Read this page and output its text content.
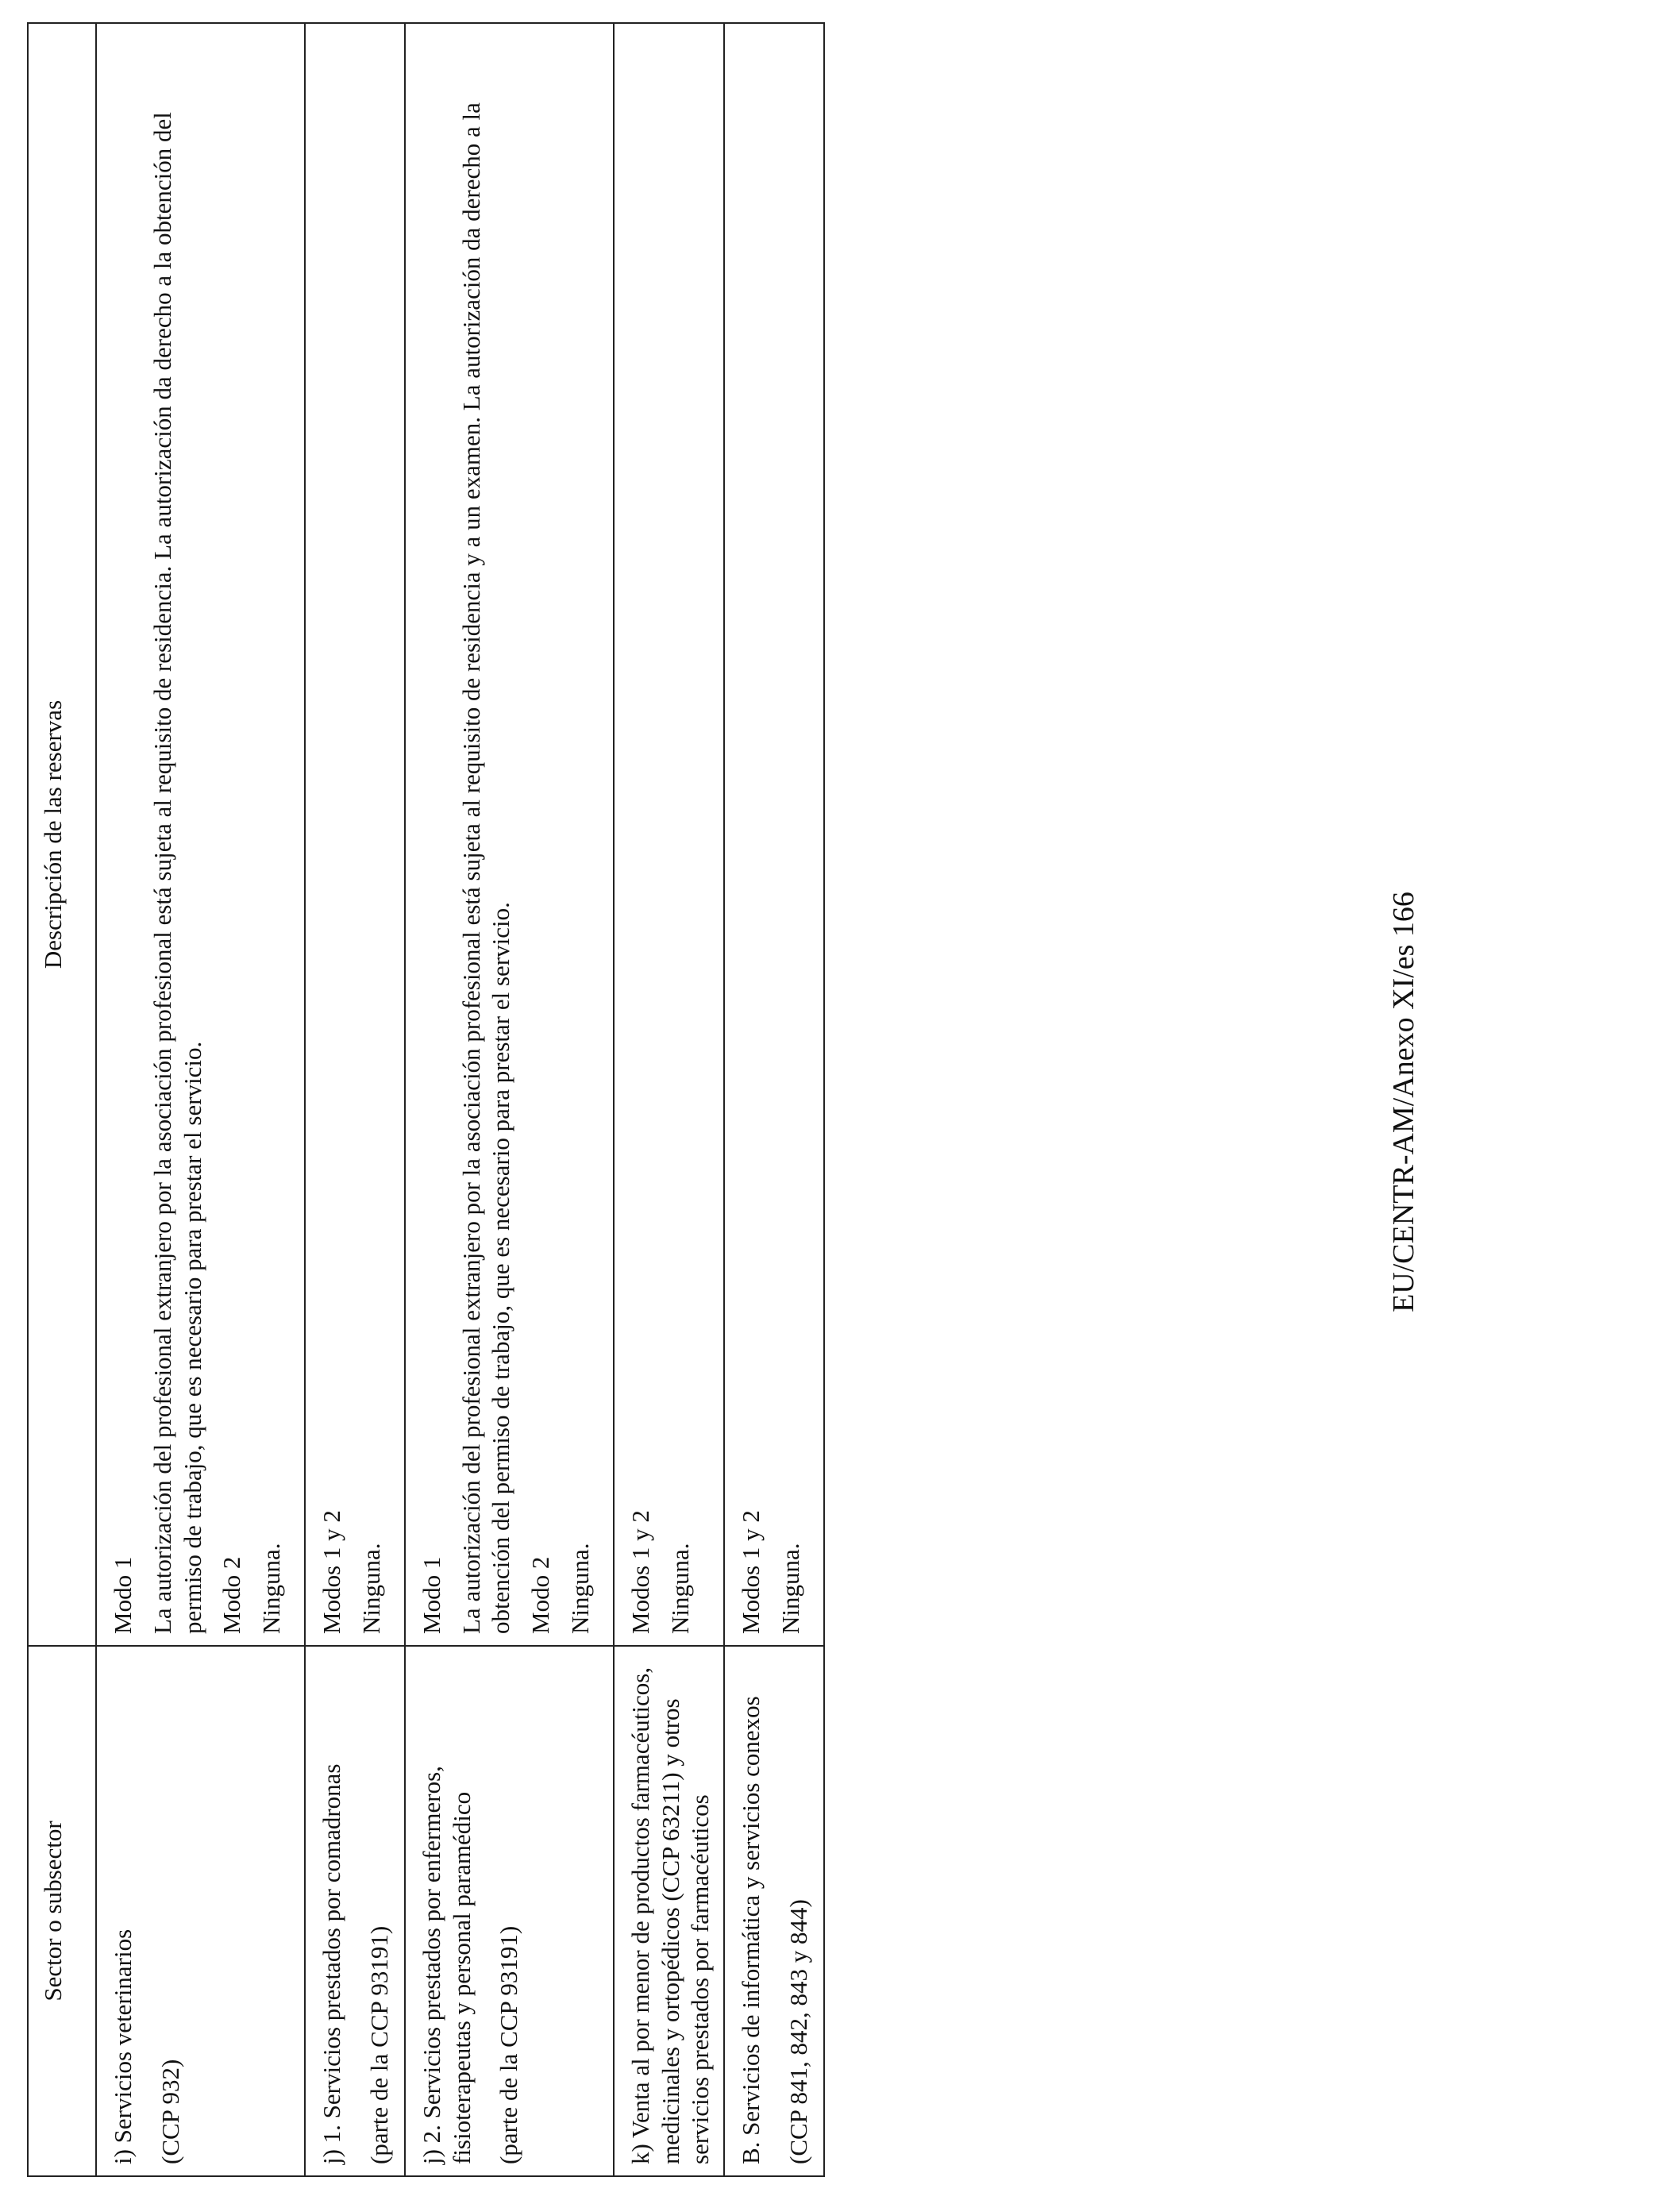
Sector o subsector	Descripción de las reservas

i) Servicios veterinarios (CCP 932)	Modo 1 La autorización del profesional extranjero por la asociación profesional está sujeta al requisito de residencia. La autorización da derecho a la obtención del permiso de trabajo, que es necesario para prestar el servicio. Modo 2 Ninguna.

j) 1. Servicios prestados por comadronas (parte de la CCP 93191)	Modos 1 y 2 Ninguna.

j) 2. Servicios prestados por enfermeros, fisioterapeutas y personal paramédico (parte de la CCP 93191)	Modo 1 La autorización del profesional extranjero por la asociación profesional está sujeta al requisito de residencia y a un examen. La autorización da derecho a la obtención del permiso de trabajo, que es necesario para prestar el servicio. Modo 2 Ninguna.

k) Venta al por menor de productos farmacéuticos, medicinales y ortopédicos (CCP 63211) y otros servicios prestados por farmacéuticos	Modos 1 y 2 Ninguna.

B. Servicios de informática y servicios conexos (CCP 841, 842, 843 y 844)	Modos 1 y 2 Ninguna.
EU/CENTR-AM/Anexo XI/es 166
